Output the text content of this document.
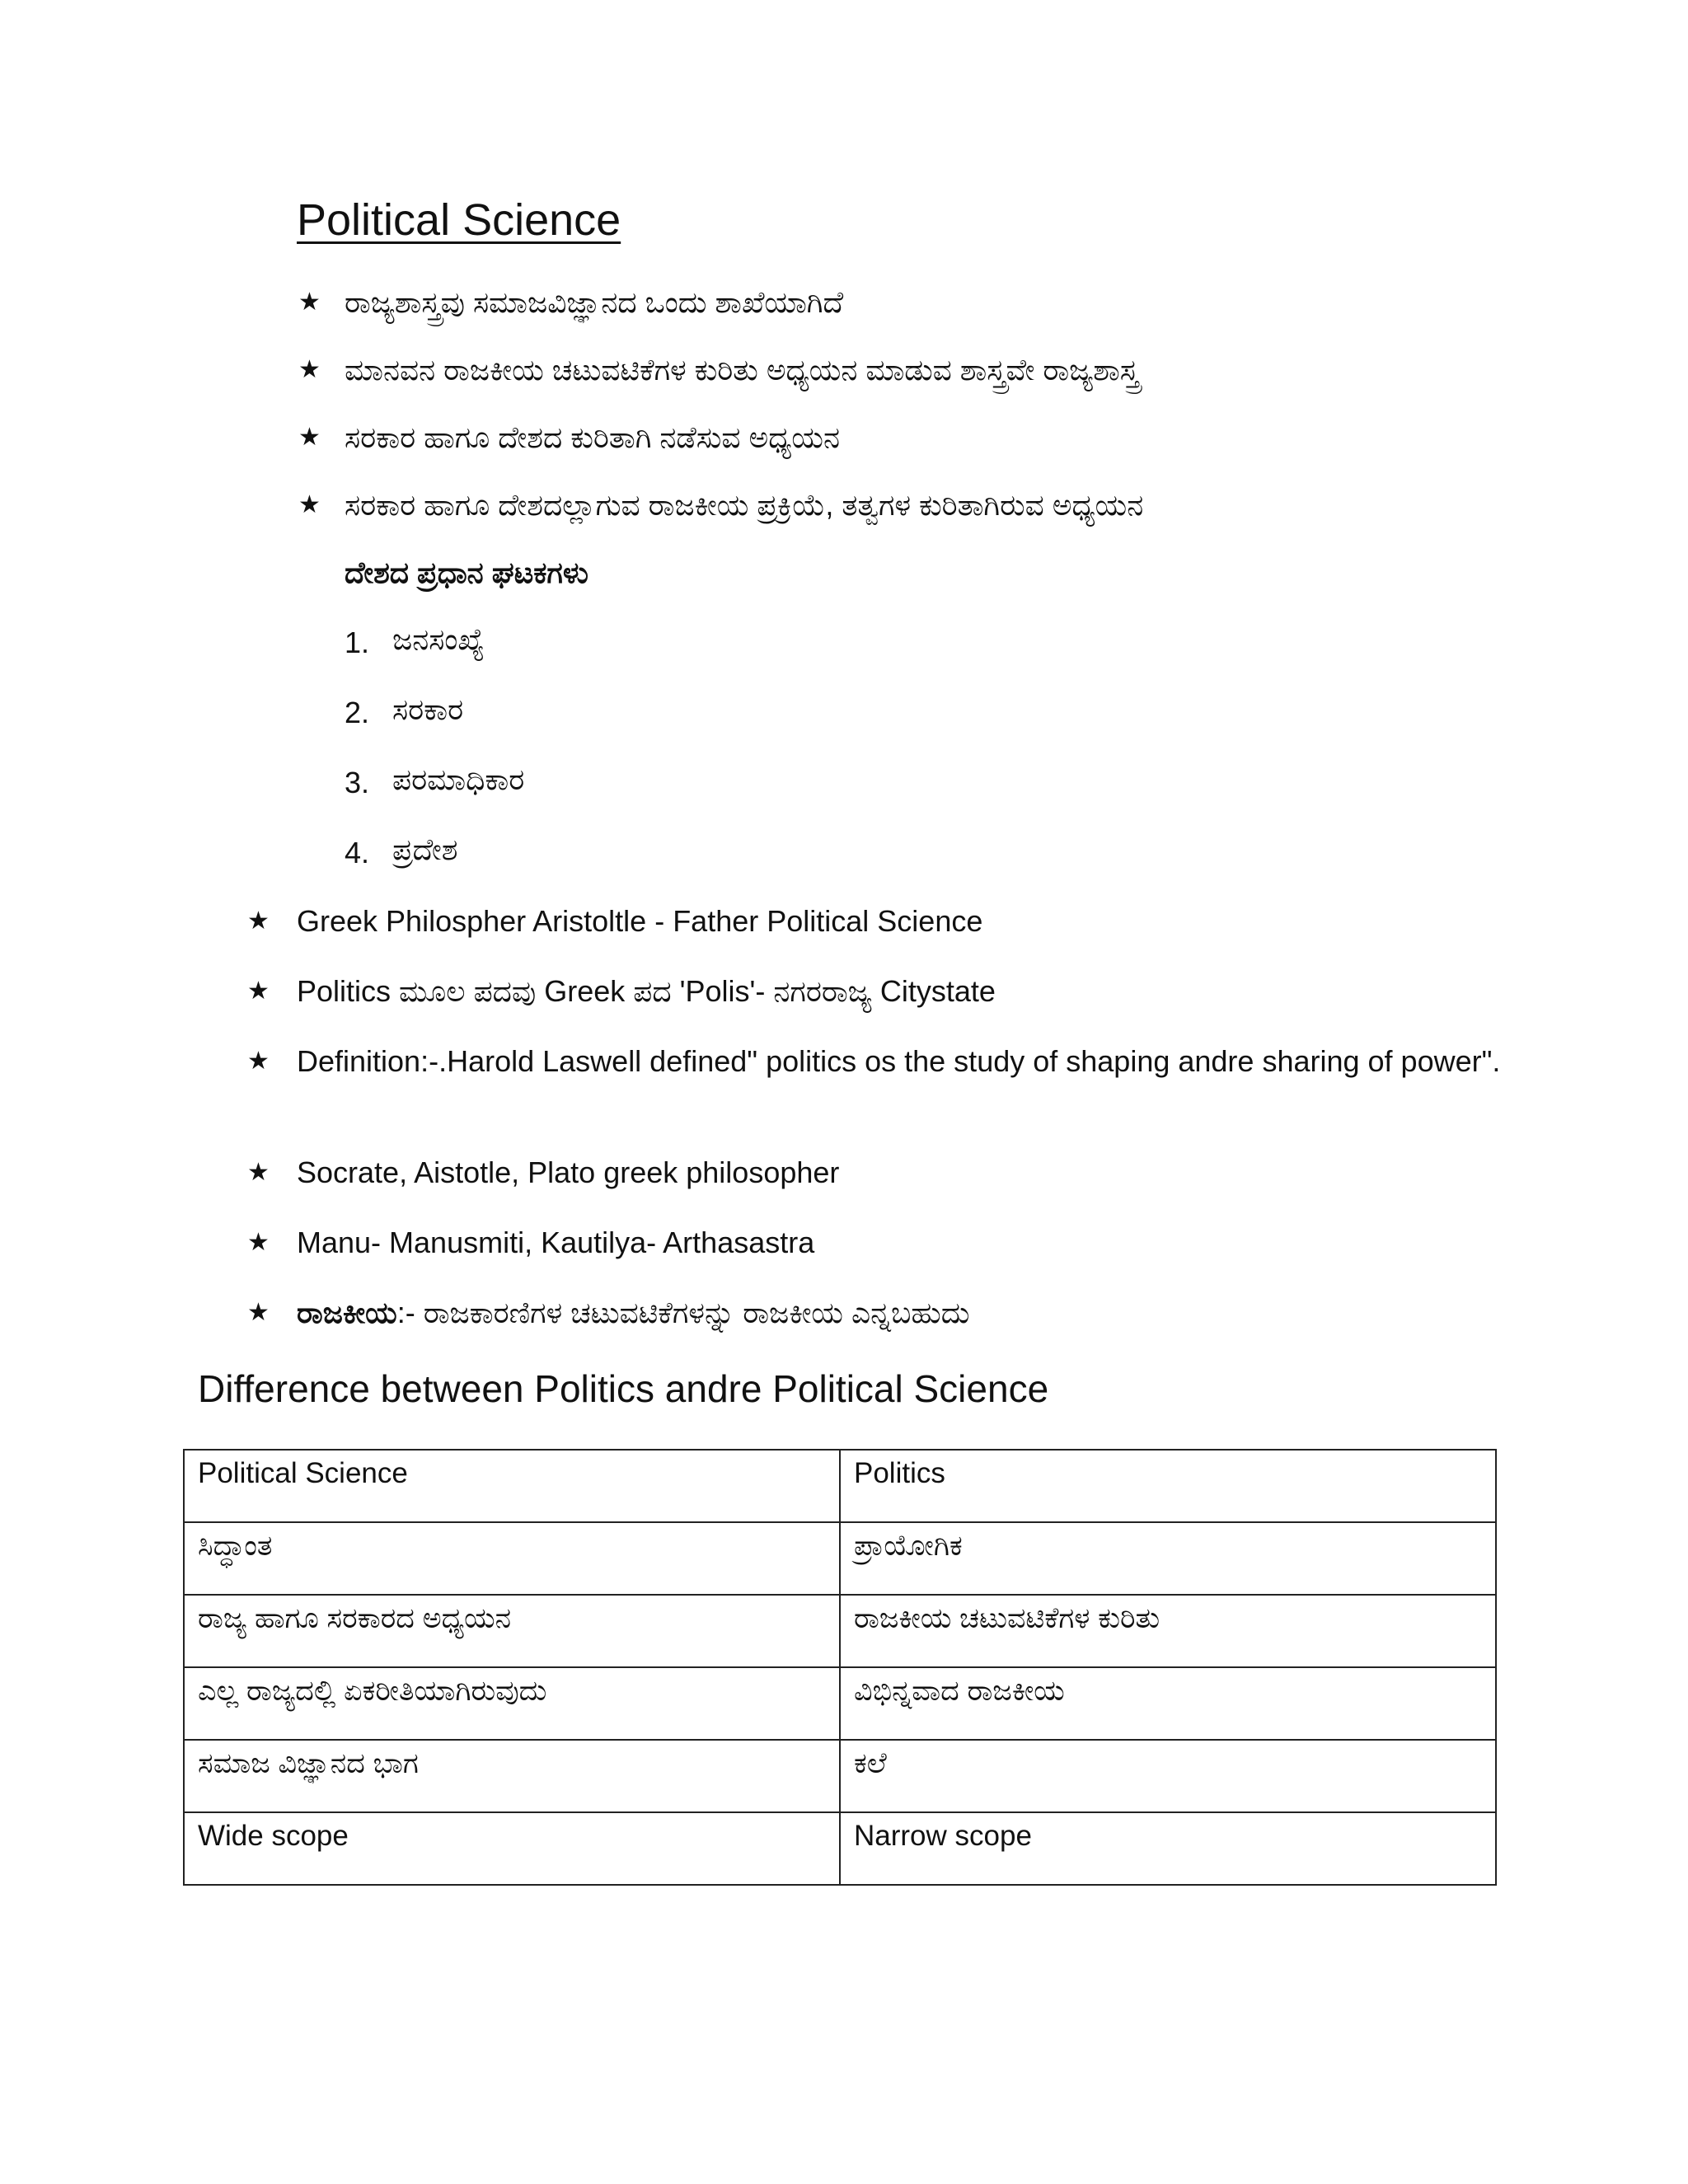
Political Science
★ ರಾಜ್ಯಶಾಸ್ತ್ರವು ಸಮಾಜವಿಜ್ಞಾನದ ಒಂದು ಶಾಖೆಯಾಗಿದೆ
★ ಮಾನವನ ರಾಜಕೀಯ ಚಟುವಟಿಕೆಗಳ ಕುರಿತು ಅಧ್ಯಯನ ಮಾಡುವ ಶಾಸ್ತ್ರವೇ ರಾಜ್ಯಶಾಸ್ತ್ರ
★ ಸರಕಾರ ಹಾಗೂ ದೇಶದ ಕುರಿತಾಗಿ ನಡೆಸುವ ಅಧ್ಯಯನ
★ ಸರಕಾರ ಹಾಗೂ ದೇಶದಲ್ಲಾಗುವ ರಾಜಕೀಯ ಪ್ರಕ್ರಿಯೆ, ತತ್ವಗಳ ಕುರಿತಾಗಿರುವ ಅಧ್ಯಯನ
ದೇಶದ ಪ್ರಧಾನ ಘಟಕಗಳು
1. ಜನಸಂಖ್ಯೆ
2. ಸರಕಾರ
3. ಪರಮಾಧಿಕಾರ
4. ಪ್ರದೇಶ
★ Greek Philospher Aristoltle - Father Political Science
★ Politics ಮೂಲ ಪದವು Greek ಪದ 'Polis'- ನಗರರಾಜ್ಯ Citystate
★ Definition:-.Harold Laswell defined" politics os the study of shaping andre sharing of power".
★ Socrate, Aistotle, Plato greek philosopher
★ Manu- Manusmiti, Kautilya- Arthasastra
★ ರಾಜಕೀಯ:- ರಾಜಕಾರಣಿಗಳ ಚಟುವಟಿಕೆಗಳನ್ನು ರಾಜಕೀಯ ಎನ್ನಬಹುದು
Difference between Politics andre Political Science
Political Science	Politics
ಸಿದ್ಧಾಂತ	ಪ್ರಾಯೋಗಿಕ
ರಾಜ್ಯ ಹಾಗೂ ಸರಕಾರದ ಅಧ್ಯಯನ	ರಾಜಕೀಯ ಚಟುವಟಿಕೆಗಳ ಕುರಿತು
ಎಲ್ಲ ರಾಜ್ಯದಲ್ಲಿ ಏಕರೀತಿಯಾಗಿರುವುದು	ವಿಭಿನ್ನವಾದ ರಾಜಕೀಯ
ಸಮಾಜ ವಿಜ್ಞಾನದ ಭಾಗ	ಕಲೆ
Wide scope	Narrow scope
